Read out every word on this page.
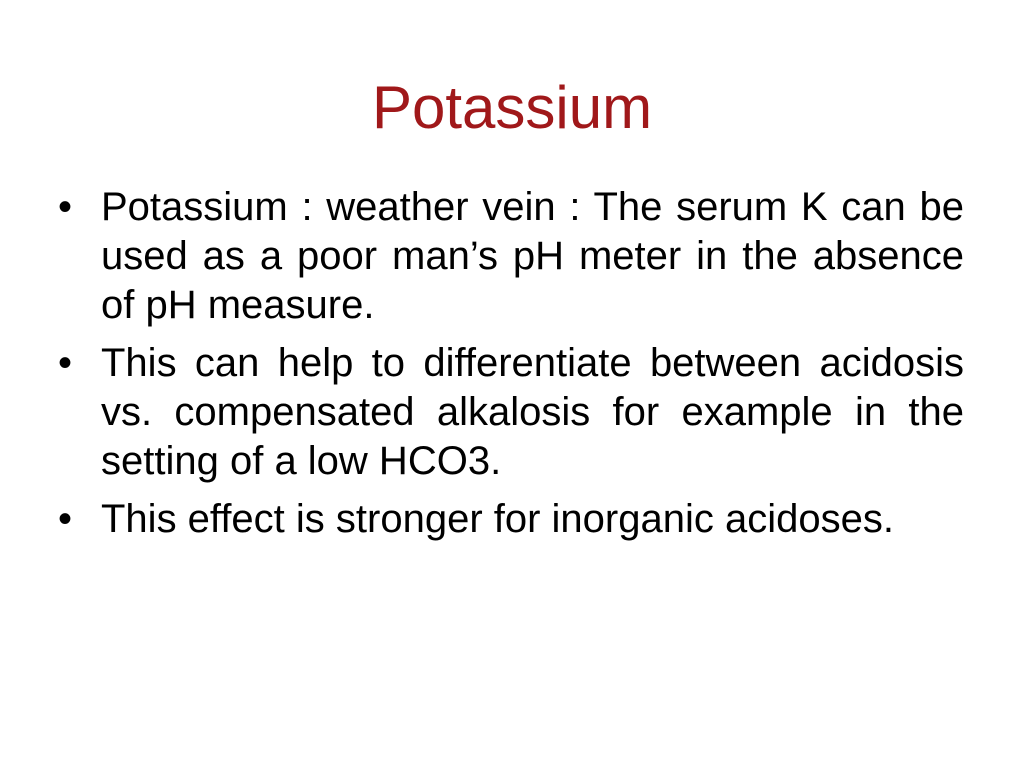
Potassium
• Potassium : weather vein : The serum K can be used as a poor man’s pH meter in the absence of pH measure.
• This can help to differentiate between acidosis vs. compensated alkalosis for example in the setting of a low HCO3.
• This effect is stronger for inorganic acidoses.
